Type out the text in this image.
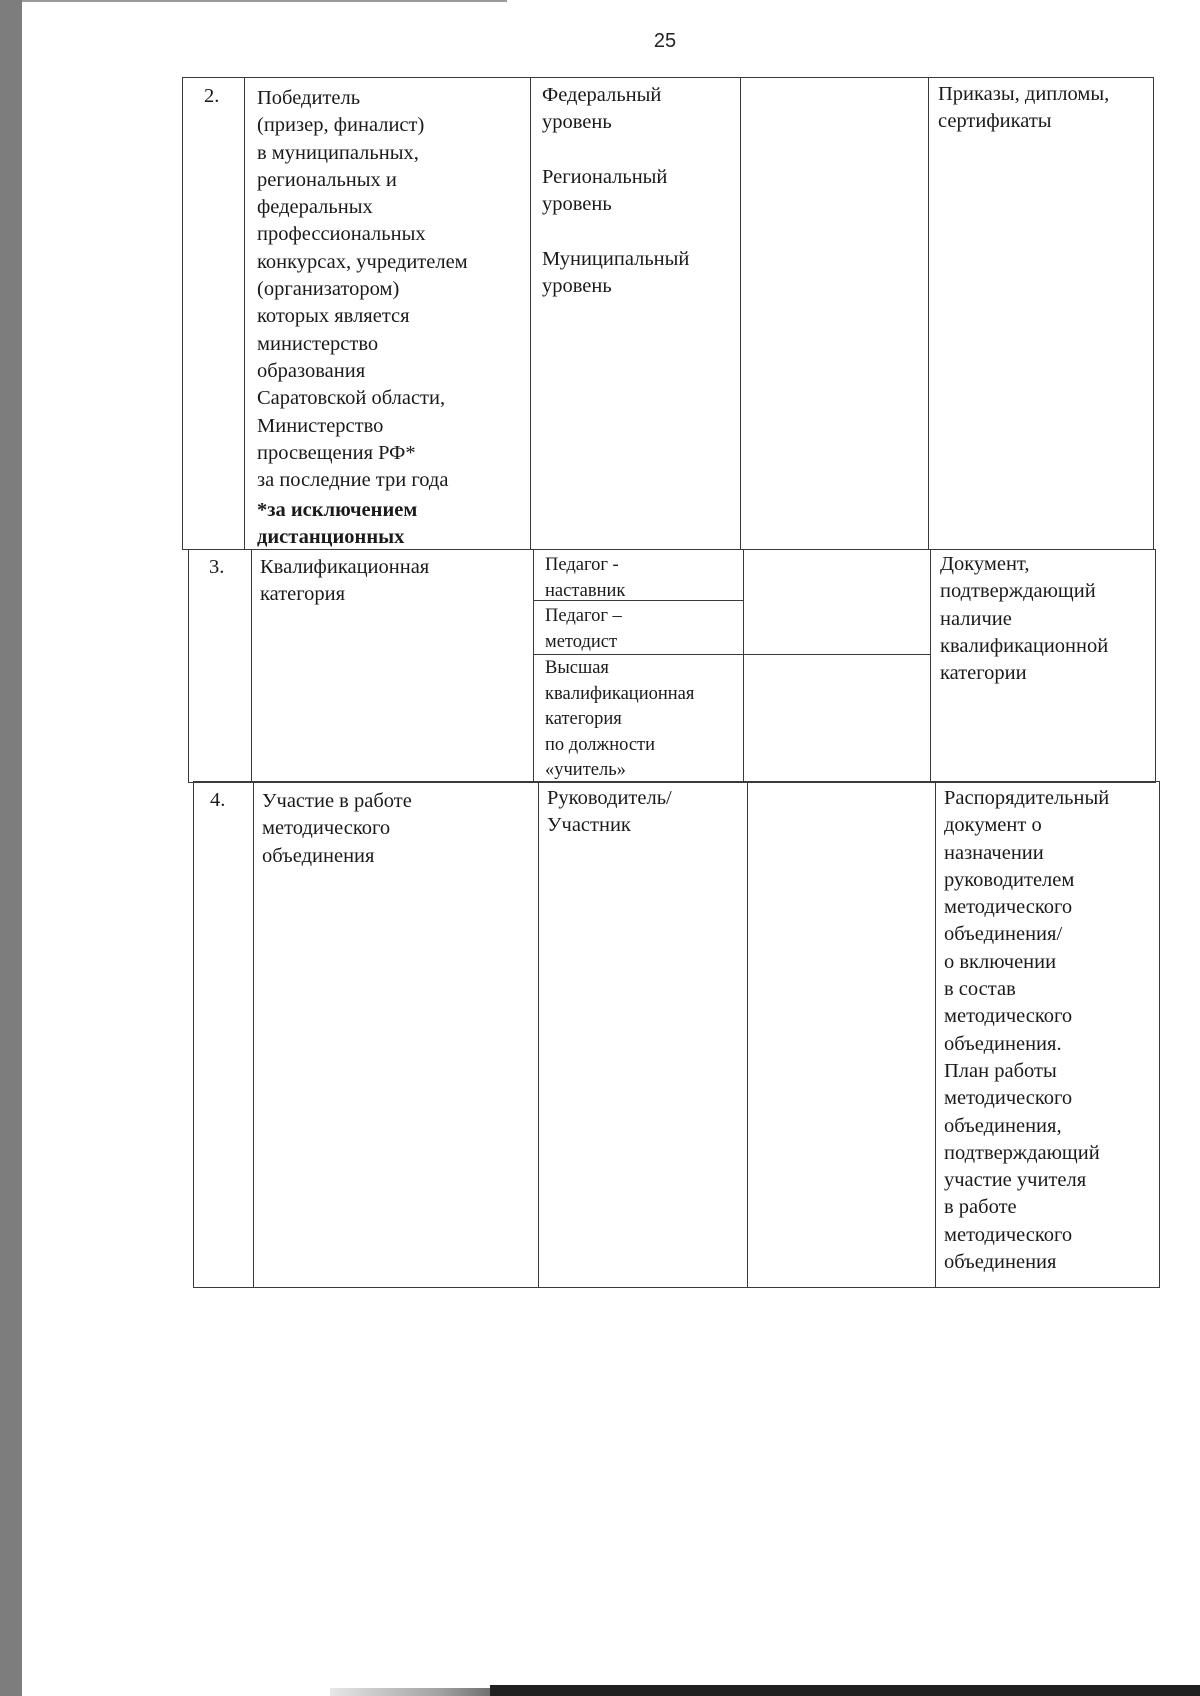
25
2. Победитель
(призер, финалист)
в муниципальных,
региональных и
федеральных
профессиональных
конкурсах, учредителем
(организатором)
которых является
министерство
образования
Саратовской области,
Министерство
просвещения РФ*
за последние три года
*за исключением
дистанционных
Федеральный
уровень
Региональный
уровень
Муниципальный
уровень
Приказы, дипломы,
сертификаты
3. Квалификационная
категория
Педагог -
наставник
Педагог –
методист
Высшая
квалификационная
категория
по должности
«учитель»
Документ,
подтверждающий
наличие
квалификационной
категории
4. Участие в работе
методического
объединения
Руководитель/
Участник
Распорядительный
документ о
назначении
руководителем
методического
объединения/
о включении
в состав
методического
объединения.
План работы
методического
объединения,
подтверждающий
участие учителя
в работе
методического
объединения
